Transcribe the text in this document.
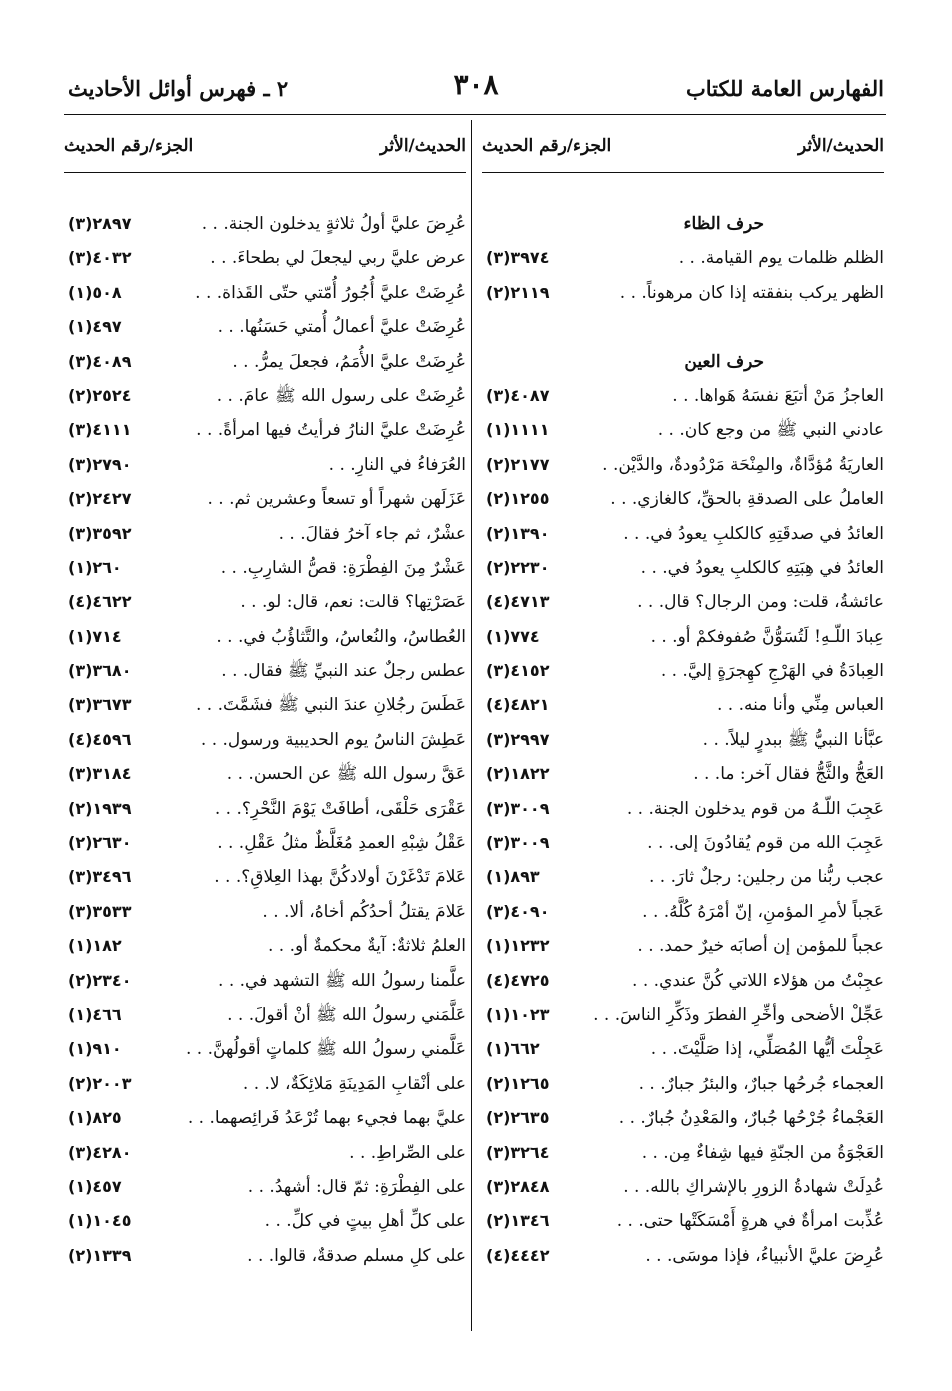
الفهارس العامة للكتاب
٣٠٨
٢ ـ فهرس أوائل الأحاديث
الحديث/الأثر
الجزء/رقم الحديث
حرف الظاء
الظلم ظلمات يوم القيامة. . .
٣٩٧٤(٣)
الظهر يركب بنفقته إذا كان مرهوناً. . .
٢١١٩(٢)
حرف العين
العاجزُ مَنْ أتبَعَ نفسَهُ هَواها. . .
٤٠٨٧(٣)
عادني النبي ﷺ من وجع كان. . .
١١١١(١)
العاريَةُ مُؤدَّاةٌ، والمِنْحَة مَرْدُودةٌ، والدَّيْن. .
٢١٧٧(٢)
العاملُ على الصدقةِ بالحقِّ، كالغازي. . .
١٢٥٥(٢)
العائدُ في صدقَتِهِ كالكلبِ يعودُ في. . .
١٣٩٠(٢)
العائدُ في هِبَتِهِ كالكلبِ يعودُ في. . .
٢٢٣٠(٢)
عائشةُ، قلت: ومن الرجال؟ قال. . .
٤٧١٣(٤)
عِبادَ اللّـهِ! لَتُسَوُّنَّ صُفوفكمْ أو. . .
٧٧٤(١)
العِبادَةُ في الهَرْجِ كهِجرَةٍ إليَّ. . .
٤١٥٢(٣)
العباس مِنِّي وأنا منه. . .
٤٨٢١(٤)
عبَّأنا النبيُّ ﷺ ببدرٍ ليلاً. . .
٢٩٩٧(٣)
العَجُّ والثَّجُّ فقال آخر: ما. . .
١٨٢٢(٢)
عَجِبَ اللّـهُ من قوم يدخلون الجنة. . .
٣٠٠٩(٣)
عَجِبَ الله من قوم يُقادُونَ إلى. . .
٣٠٠٩(٣)
عجب ربُّنا من رجلين: رجلٌ ثارَ. . .
٨٩٣(١)
عَجباً لأمرِ المؤمنِ، إنّ أمْرَهُ كُلَّهُ. . .
٤٠٩٠(٣)
عجباً للمؤمن إن أصابَه خيرٌ حمد. . .
١٢٣٢(١)
عجِبْتُ من هؤلاء اللاتي كُنَّ عندي. . .
٤٧٢٥(٤)
عَجِّلْ الأضحى وأخِّرِ الفطرَ وذَكِّرِ الناسَ. . .
١٠٢٣(١)
عَجِلْتَ أيُّها المُصَلِّي، إذا صَلَّيْتَ. . .
٦٦٢(١)
العجماء جُرحُها جبارٌ، والبئرُ جبارٌ. . .
١٢٦٥(٢)
العَجْماءُ جُرْحُها جُبارٌ، والمَعْدِنُ جُبارٌ. . .
٢٦٣٥(٢)
العَجْوَةُ من الجنّةِ فيها شِفاءٌ مِن. . .
٣٢٦٤(٣)
عُدِلَتْ شهادةُ الزورِ بالإشراكِ بالله. . .
٢٨٤٨(٣)
عُذِّبت امرأةٌ في هرةٍ أَمْسَكَتْها حتى. . .
١٣٤٦(٢)
عُرِضَ عليَّ الأنبياءُ، فإذا موسَى. . .
٤٤٤٢(٤)
الحديث/الأثر
الجزء/رقم الحديث
عُرِضَ عليَّ أولُ ثلاثةٍ يدخلون الجنة. . .
٢٨٩٧(٣)
عرض عليَّ ربي ليجعلَ لي بطحاءَ. . .
٤٠٣٢(٣)
عُرِضَتْ عليَّ أُجُورُ أُمّتي حتّى القَذاة. . .
٥٠٨(١)
عُرِضَتْ عليَّ أعمالُ أُمتي حَسَنُها. . .
٤٩٧(١)
عُرِضَتْ عليَّ الأُمَمُ، فجعلَ يمرُّ. . .
٤٠٨٩(٣)
عُرِضَتْ على رسول الله ﷺ عامَ. . .
٢٥٢٤(٢)
عُرِضَتْ عليَّ النارُ فرأيتُ فيها امرأةً. . .
٤١١١(٣)
العُرَفاءُ في النارِ. . .
٢٧٩٠(٣)
عَزَلَهن شهراً أو تسعاً وعشرين ثم. . .
٢٤٢٧(٢)
عشْرٌ، ثم جاء آخرُ فقالَ. . .
٣٥٩٢(٣)
عَشْرٌ مِنَ الفِطْرَةِ: قصُّ الشارِبِ. . .
٢٦٠(١)
عَصَرْتِها؟ قالت: نعم، قال: لو. . .
٤٦٢٢(٤)
العُطاسُ، والنُعاسُ، والتَّثاؤُبُ في. . .
٧١٤(١)
عطس رجلٌ عند النبيِّ ﷺ فقال. . .
٣٦٨٠(٣)
عَطَسَ رجُلانِ عندَ النبي ﷺ فشَمَّتَ. . .
٣٦٧٣(٣)
عَطِشَ الناسُ يوم الحديبية ورسول. . .
٤٥٩٦(٤)
عَقَّ رسول الله ﷺ عن الحسن. . .
٣١٨٤(٣)
عَقْرَى حَلْقَى، أطافَتْ يَوْمَ النَّحْرِ؟. . .
١٩٣٩(٢)
عَقْلُ شِبْهِ العمدِ مُغَلَّظٌ مثلُ عَقْلِ. . .
٢٦٣٠(٢)
عَلامَ تَدْغَرْنَ أولادكُنَّ بهذا العِلاقِ؟. . .
٣٤٩٦(٣)
عَلامَ يقتلُ أحدُكُم أخاهُ، ألا. . .
٣٥٣٣(٣)
العلمُ ثلاثةٌ: آيةٌ محكمةٌ أو. . .
١٨٢(١)
علَّمنا رسولُ الله ﷺ التشهد في. . .
٢٣٤٠(٢)
عَلَّمَني رسولُ الله ﷺ أنْ أقولَ. . .
٤٦٦(١)
عَلَّمني رسولُ الله ﷺ كلماتٍ أقولُهنَّ. . .
٩١٠(١)
على أنْقابِ المَدِينَةِ مَلائِكَةٌ، لا. . .
٢٠٠٣(٢)
عليَّ بهما فجيء بهما تُرْعَدُ فَرائِصهما. . .
٨٢٥(١)
على الصِّراطِ. . .
٤٢٨٠(٣)
على الفِطْرَةِ: ثمّ قال: أشهدُ. . .
٤٥٧(١)
على كلِّ أهلِ بيتٍ في كلِّ. . .
١٠٤٥(١)
على كلِ مسلم صدقةٌ، قالوا. . .
١٣٣٩(٢)
